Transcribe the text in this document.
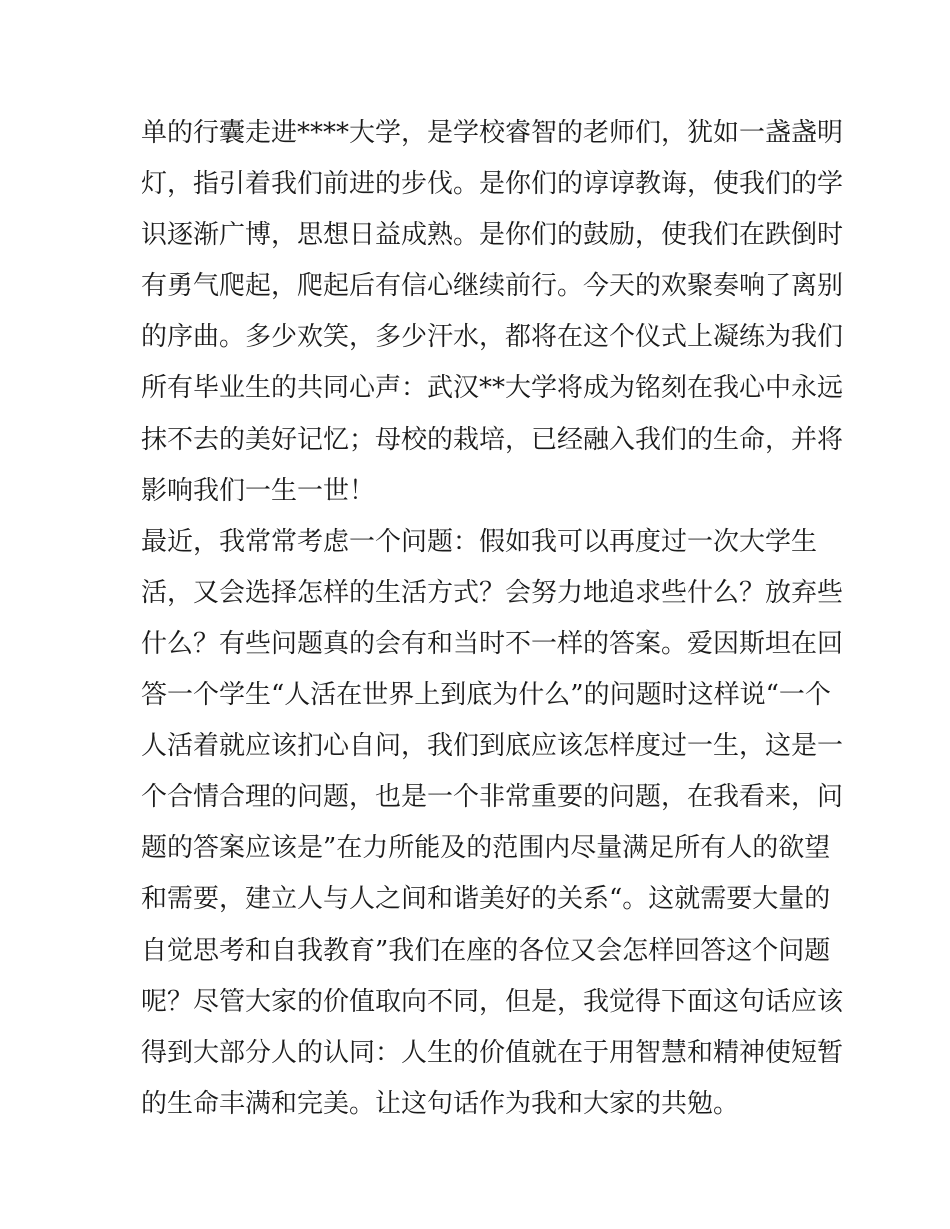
单的行囊走进****大学，是学校睿智的老师们，犹如一盏盏明
灯，指引着我们前进的步伐。是你们的谆谆教诲，使我们的学
识逐渐广博，思想日益成熟。是你们的鼓励，使我们在跌倒时
有勇气爬起，爬起后有信心继续前行。今天的欢聚奏响了离别
的序曲。多少欢笑，多少汗水，都将在这个仪式上凝练为我们
所有毕业生的共同心声：武汉**大学将成为铭刻在我心中永远
抹不去的美好记忆；母校的栽培，已经融入我们的生命，并将
影响我们一生一世！
最近，我常常考虑一个问题：假如我可以再度过一次大学生
活，又会选择怎样的生活方式？会努力地追求些什么？放弃些
什么？有些问题真的会有和当时不一样的答案。爱因斯坦在回
答一个学生“人活在世界上到底为什么”的问题时这样说“一个
人活着就应该扪心自问，我们到底应该怎样度过一生，这是一
个合情合理的问题，也是一个非常重要的问题，在我看来，问
题的答案应该是”在力所能及的范围内尽量满足所有人的欲望
和需要，建立人与人之间和谐美好的关系“。这就需要大量的
自觉思考和自我教育”我们在座的各位又会怎样回答这个问题
呢？尽管大家的价值取向不同，但是，我觉得下面这句话应该
得到大部分人的认同：人生的价值就在于用智慧和精神使短暂
的生命丰满和完美。让这句话作为我和大家的共勉。
